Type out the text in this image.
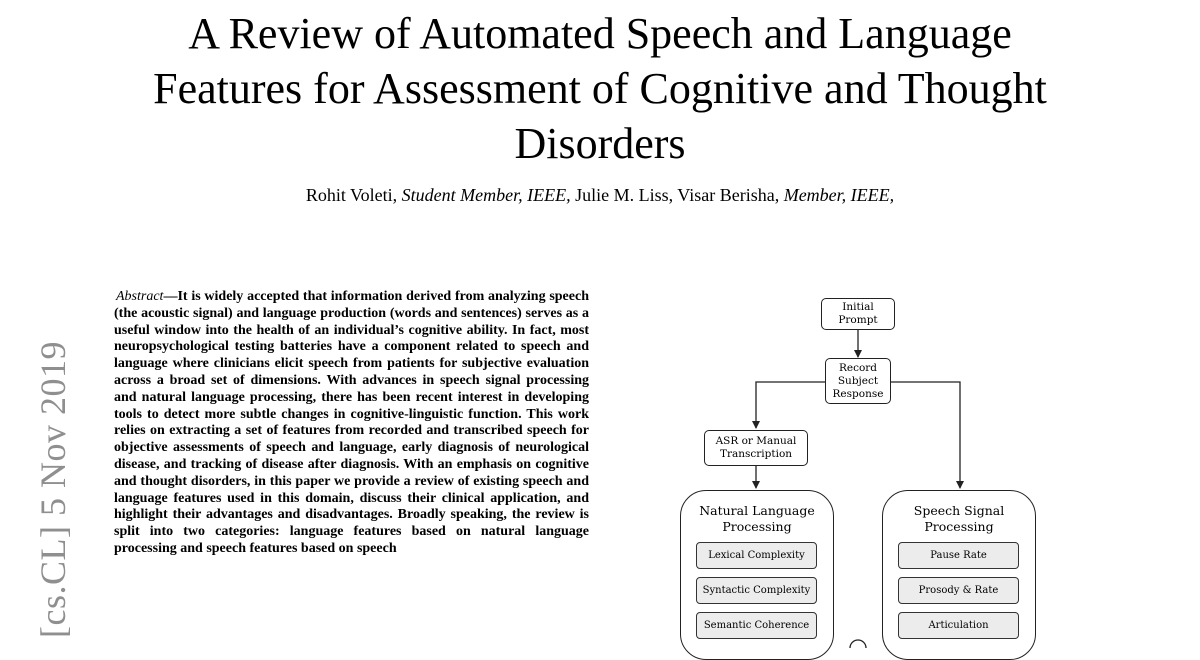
A Review of Automated Speech and Language
Features for Assessment of Cognitive and Thought
Disorders
Rohit Voleti, Student Member, IEEE, Julie M. Liss, Visar Berisha, Member, IEEE,
[cs.CL] 5 Nov 2019
Abstract—It is widely accepted that information derived from analyzing speech (the acoustic signal) and language production (words and sentences) serves as a useful window into the health of an individual’s cognitive ability. In fact, most neuropsychological testing batteries have a component related to speech and language where clinicians elicit speech from patients for subjective evaluation across a broad set of dimensions. With advances in speech signal processing and natural language processing, there has been recent interest in developing tools to detect more subtle changes in cognitive-linguistic function. This work relies on extracting a set of features from recorded and transcribed speech for objective assessments of speech and language, early diagnosis of neurological disease, and tracking of disease after diagnosis. With an emphasis on cognitive and thought disorders, in this paper we provide a review of existing speech and language features used in this domain, discuss their clinical application, and highlight their advantages and disadvantages. Broadly speaking, the review is split into two categories: language features based on natural language processing and speech features based on speech
Initial
Prompt
Record
Subject
Response
ASR or Manual
Transcription
Natural Language
Processing
Lexical Complexity
Syntactic Complexity
Semantic Coherence
Speech Signal
Processing
Pause Rate
Prosody & Rate
Articulation
